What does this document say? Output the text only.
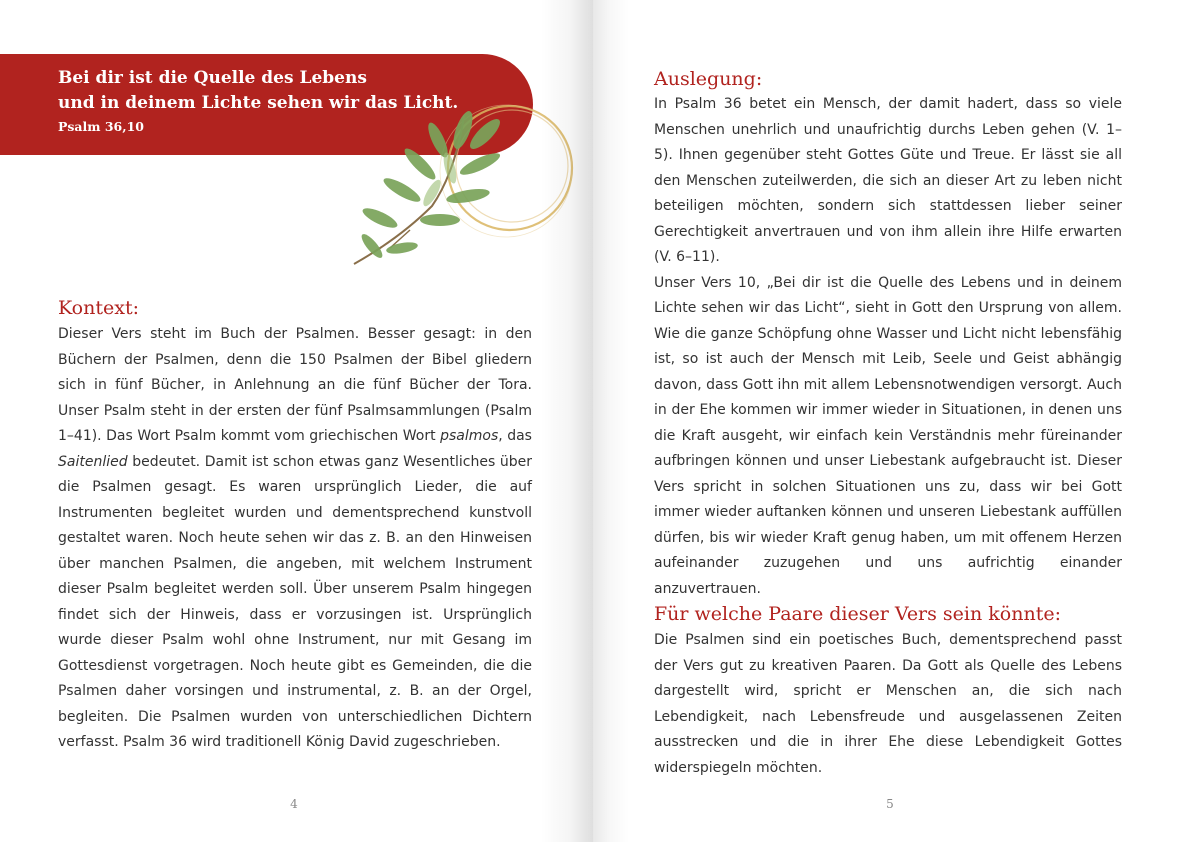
Bei dir ist die Quelle des Lebens
und in deinem Lichte sehen wir das Licht.
Psalm 36,10
Kontext:

Dieser Vers steht im Buch der Psalmen. Besser gesagt: in den Büchern der Psalmen, denn die 150 Psalmen der Bibel gliedern sich in fünf Bücher, in Anlehnung an die fünf Bücher der Tora. Unser Psalm steht in der ersten der fünf Psalmsammlungen (Psalm 1–41). Das Wort Psalm kommt vom griechischen Wort psalmos, das Saitenlied bedeutet. Damit ist schon etwas ganz Wesentliches über die Psalmen gesagt. Es waren ursprünglich Lieder, die auf Instrumenten begleitet wurden und dementsprechend kunstvoll gestaltet waren. Noch heute sehen wir das z. B. an den Hinweisen über manchen Psalmen, die angeben, mit welchem Instrument dieser Psalm begleitet werden soll. Über unserem Psalm hingegen findet sich der Hinweis, dass er vorzusingen ist. Ursprünglich wurde dieser Psalm wohl ohne Instrument, nur mit Gesang im Gottesdienst vorgetragen. Noch heute gibt es Gemeinden, die die Psalmen daher vorsingen und instrumental, z. B. an der Orgel, begleiten. Die Psalmen wurden von unterschiedlichen Dichtern verfasst. Psalm 36 wird traditionell König David zugeschrieben.

4
Auslegung:

In Psalm 36 betet ein Mensch, der damit hadert, dass so viele Menschen unehrlich und unaufrichtig durchs Leben gehen (V. 1–5). Ihnen gegenüber steht Gottes Güte und Treue. Er lässt sie all den Menschen zuteilwerden, die sich an dieser Art zu leben nicht beteiligen möchten, sondern sich stattdessen lieber seiner Gerechtigkeit anvertrauen und von ihm allein ihre Hilfe erwarten (V. 6–11).

Unser Vers 10, „Bei dir ist die Quelle des Lebens und in deinem Lichte sehen wir das Licht“, sieht in Gott den Ursprung von allem. Wie die ganze Schöpfung ohne Wasser und Licht nicht lebensfähig ist, so ist auch der Mensch mit Leib, Seele und Geist abhängig davon, dass Gott ihn mit allem Lebensnotwendigen versorgt. Auch in der Ehe kommen wir immer wieder in Situationen, in denen uns die Kraft ausgeht, wir einfach kein Verständnis mehr füreinander aufbringen können und unser Liebestank aufgebraucht ist. Dieser Vers spricht in solchen Situationen uns zu, dass wir bei Gott immer wieder auftanken können und unseren Liebestank auffüllen dürfen, bis wir wieder Kraft genug haben, um mit offenem Herzen aufeinander zuzugehen und uns aufrichtig einander anzuvertrauen.

Für welche Paare dieser Vers sein könnte:

Die Psalmen sind ein poetisches Buch, dementsprechend passt der Vers gut zu kreativen Paaren. Da Gott als Quelle des Lebens dargestellt wird, spricht er Menschen an, die sich nach Lebendigkeit, nach Lebensfreude und ausgelassenen Zeiten ausstrecken und die in ihrer Ehe diese Lebendigkeit Gottes widerspiegeln möchten.

5
